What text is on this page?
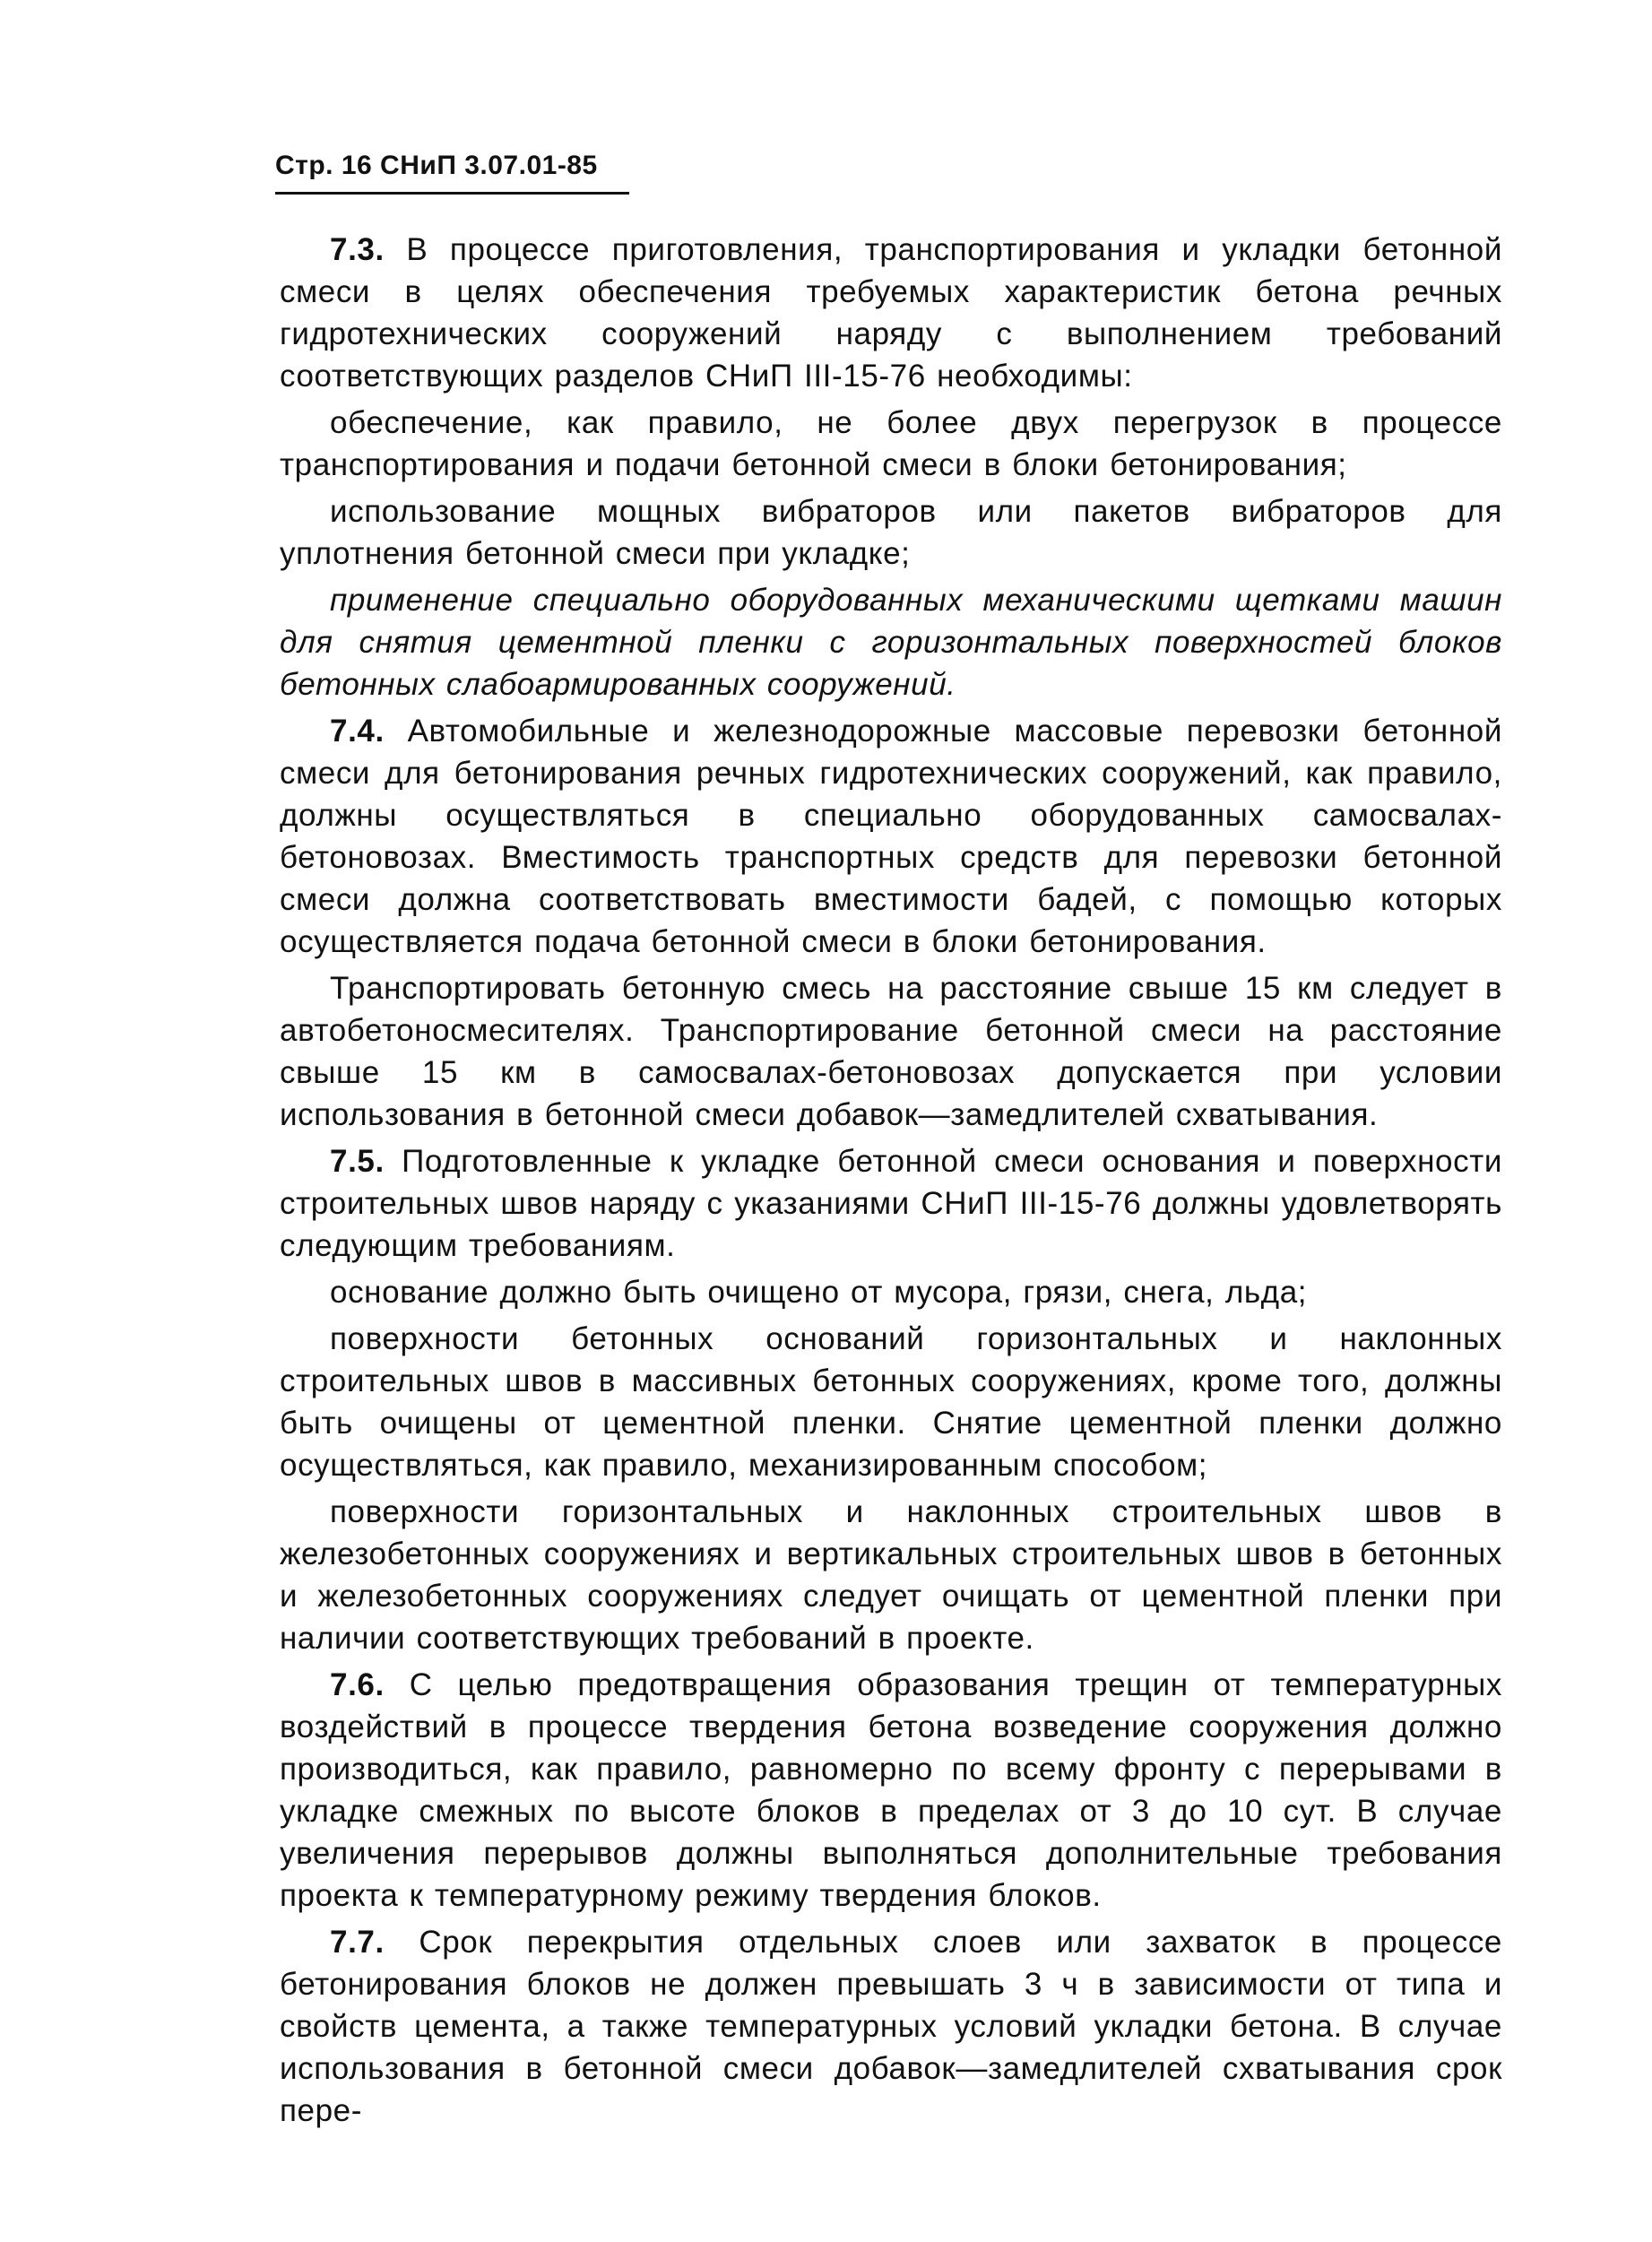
Стр. 16 СНиП 3.07.01-85

7.3. В процессе приготовления, транспортирования и укладки бетонной смеси в целях обеспечения требуемых характеристик бетона речных гидротехнических сооружений наряду с выполнением требований соответствующих разделов СНиП III-15-76 необходимы:

обеспечение, как правило, не более двух перегрузок в процессе транспортирования и подачи бетонной смеси в блоки бетонирования;

использование мощных вибраторов или пакетов вибраторов для уплотнения бетонной смеси при укладке;

применение специально оборудованных механическими щетками машин для снятия цементной пленки с горизонтальных поверхностей блоков бетонных слабоармированных сооружений.

7.4. Автомобильные и железнодорожные массовые перевозки бетонной смеси для бетонирования речных гидротехнических сооружений, как правило, должны осуществляться в специально оборудованных самосвалах-бетоновозах. Вместимость транспортных средств для перевозки бетонной смеси должна соответствовать вместимости бадей, с помощью которых осуществляется подача бетонной смеси в блоки бетонирования.

Транспортировать бетонную смесь на расстояние свыше 15 км следует в автобетоносмесителях. Транспортирование бетонной смеси на расстояние свыше 15 км в самосвалах-бетоновозах допускается при условии использования в бетонной смеси добавок—замедлителей схватывания.

7.5. Подготовленные к укладке бетонной смеси основания и поверхности строительных швов наряду с указаниями СНиП III-15-76 должны удовлетворять следующим требованиям.

основание должно быть очищено от мусора, грязи, снега, льда;

поверхности бетонных оснований горизонтальных и наклонных строительных швов в массивных бетонных сооружениях, кроме того, должны быть очищены от цементной пленки. Снятие цементной пленки должно осуществляться, как правило, механизированным способом;

поверхности горизонтальных и наклонных строительных швов в железобетонных сооружениях и вертикальных строительных швов в бетонных и железобетонных сооружениях следует очищать от цементной пленки при наличии соответствующих требований в проекте.

7.6. С целью предотвращения образования трещин от температурных воздействий в процессе твердения бетона возведение сооружения должно производиться, как правило, равномерно по всему фронту с перерывами в укладке смежных по высоте блоков в пределах от 3 до 10 сут. В случае увеличения перерывов должны выполняться дополнительные требования проекта к температурному режиму твердения блоков.

7.7. Срок перекрытия отдельных слоев или захваток в процессе бетонирования блоков не должен превышать 3 ч в зависимости от типа и свойств цемента, а также температурных условий укладки бетона. В случае использования в бетонной смеси добавок—замедлителей схватывания срок пере-
